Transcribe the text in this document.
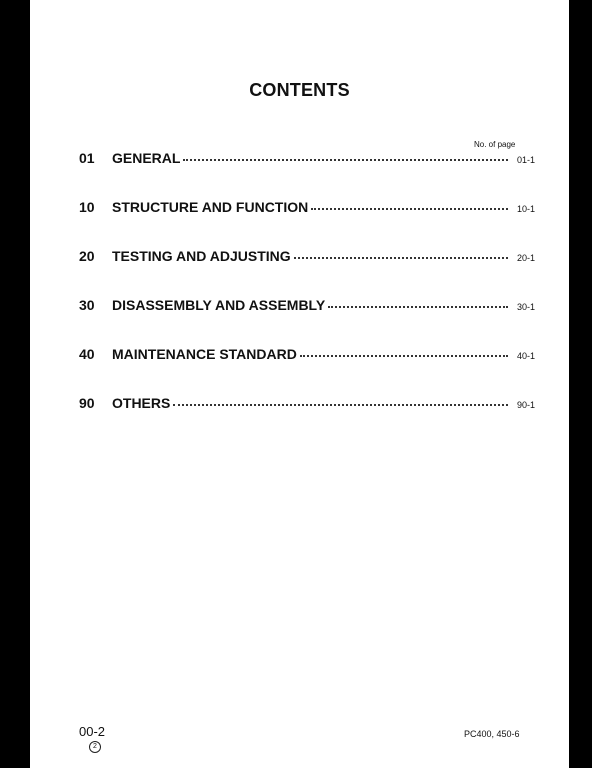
CONTENTS
No. of page
01	GENERAL	01-1
10	STRUCTURE AND FUNCTION	10-1
20	TESTING AND ADJUSTING	20-1
30	DISASSEMBLY AND ASSEMBLY	30-1
40	MAINTENANCE STANDARD	40-1
90	OTHERS	90-1
00-2
2
PC400, 450-6
